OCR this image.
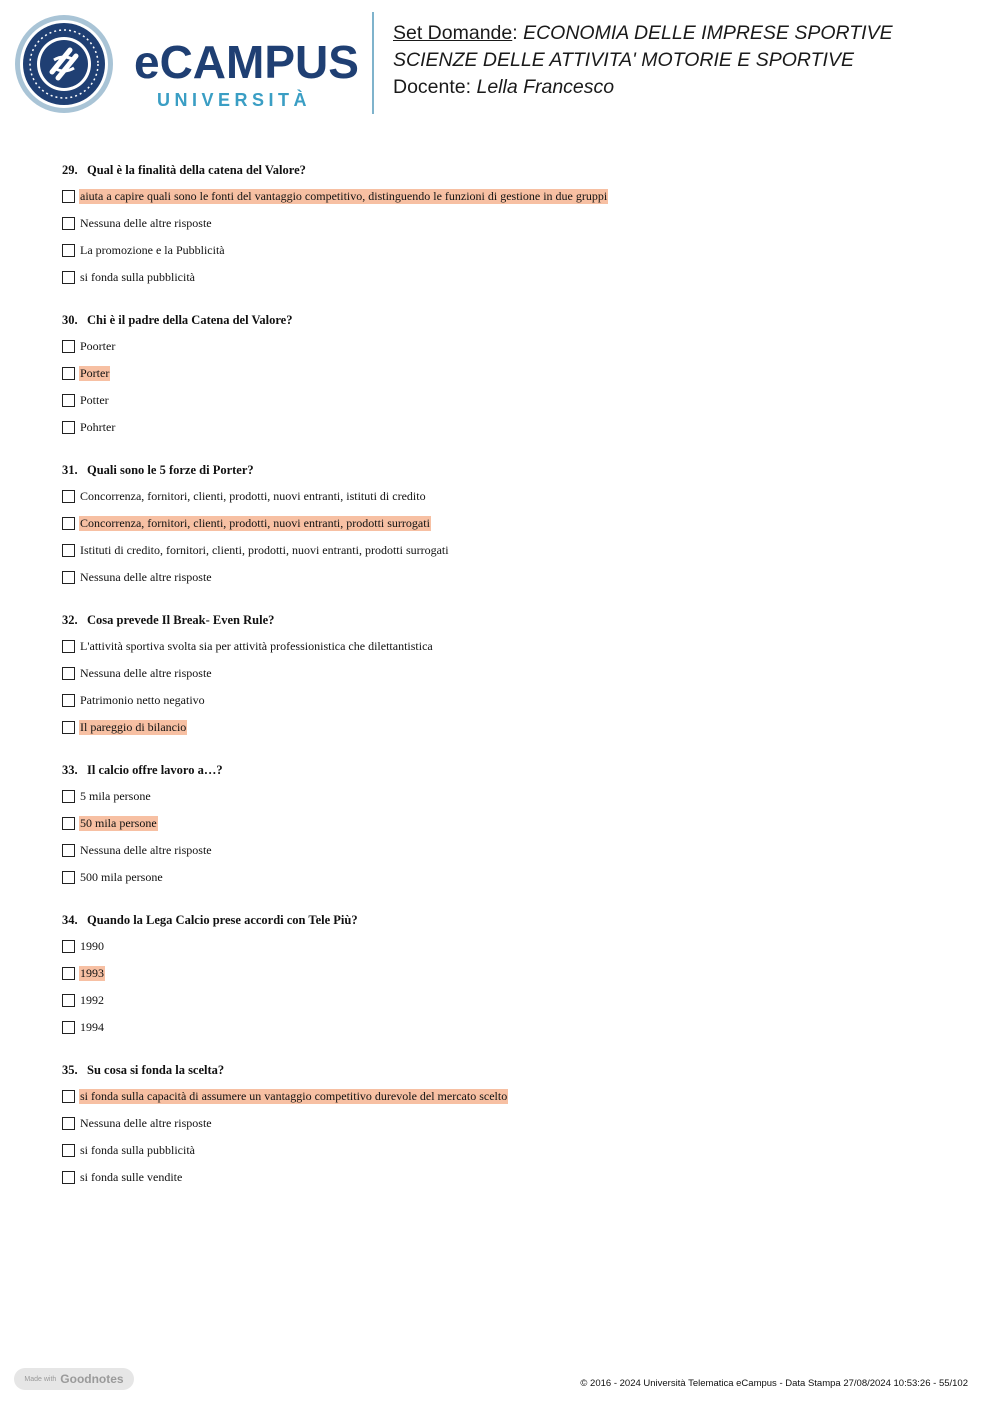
eCAMPUS
UNIVERSITÀ
Set Domande: ECONOMIA DELLE IMPRESE SPORTIVE
SCIENZE DELLE ATTIVITA' MOTORIE E SPORTIVE
Docente: Lella Francesco
29. Qual è la finalità della catena del Valore?
aiuta a capire quali sono le fonti del vantaggio competitivo, distinguendo le funzioni di gestione in due gruppi
Nessuna delle altre risposte
La promozione e la Pubblicità
si fonda sulla pubblicità
30. Chi è il padre della Catena del Valore?
Poorter
Porter
Potter
Pohrter
31. Quali sono le 5 forze di Porter?
Concorrenza, fornitori, clienti, prodotti, nuovi entranti, istituti di credito
Concorrenza, fornitori, clienti, prodotti, nuovi entranti, prodotti surrogati
Istituti di credito, fornitori, clienti, prodotti, nuovi entranti, prodotti surrogati
Nessuna delle altre risposte
32. Cosa prevede Il Break- Even Rule?
L'attività sportiva svolta sia per attività professionistica che dilettantistica
Nessuna delle altre risposte
Patrimonio netto negativo
Il pareggio di bilancio
33. Il calcio offre lavoro a…?
5 mila persone
50 mila persone
Nessuna delle altre risposte
500 mila persone
34. Quando la Lega Calcio prese accordi con Tele Più?
1990
1993
1992
1994
35. Su cosa si fonda la scelta?
si fonda sulla capacità di assumere un vantaggio competitivo durevole del mercato scelto
Nessuna delle altre risposte
si fonda sulla pubblicità
si fonda sulle vendite
Made with Goodnotes	© 2016 - 2024 Università Telematica eCampus - Data Stampa 27/08/2024 10:53:26 - 55/102
